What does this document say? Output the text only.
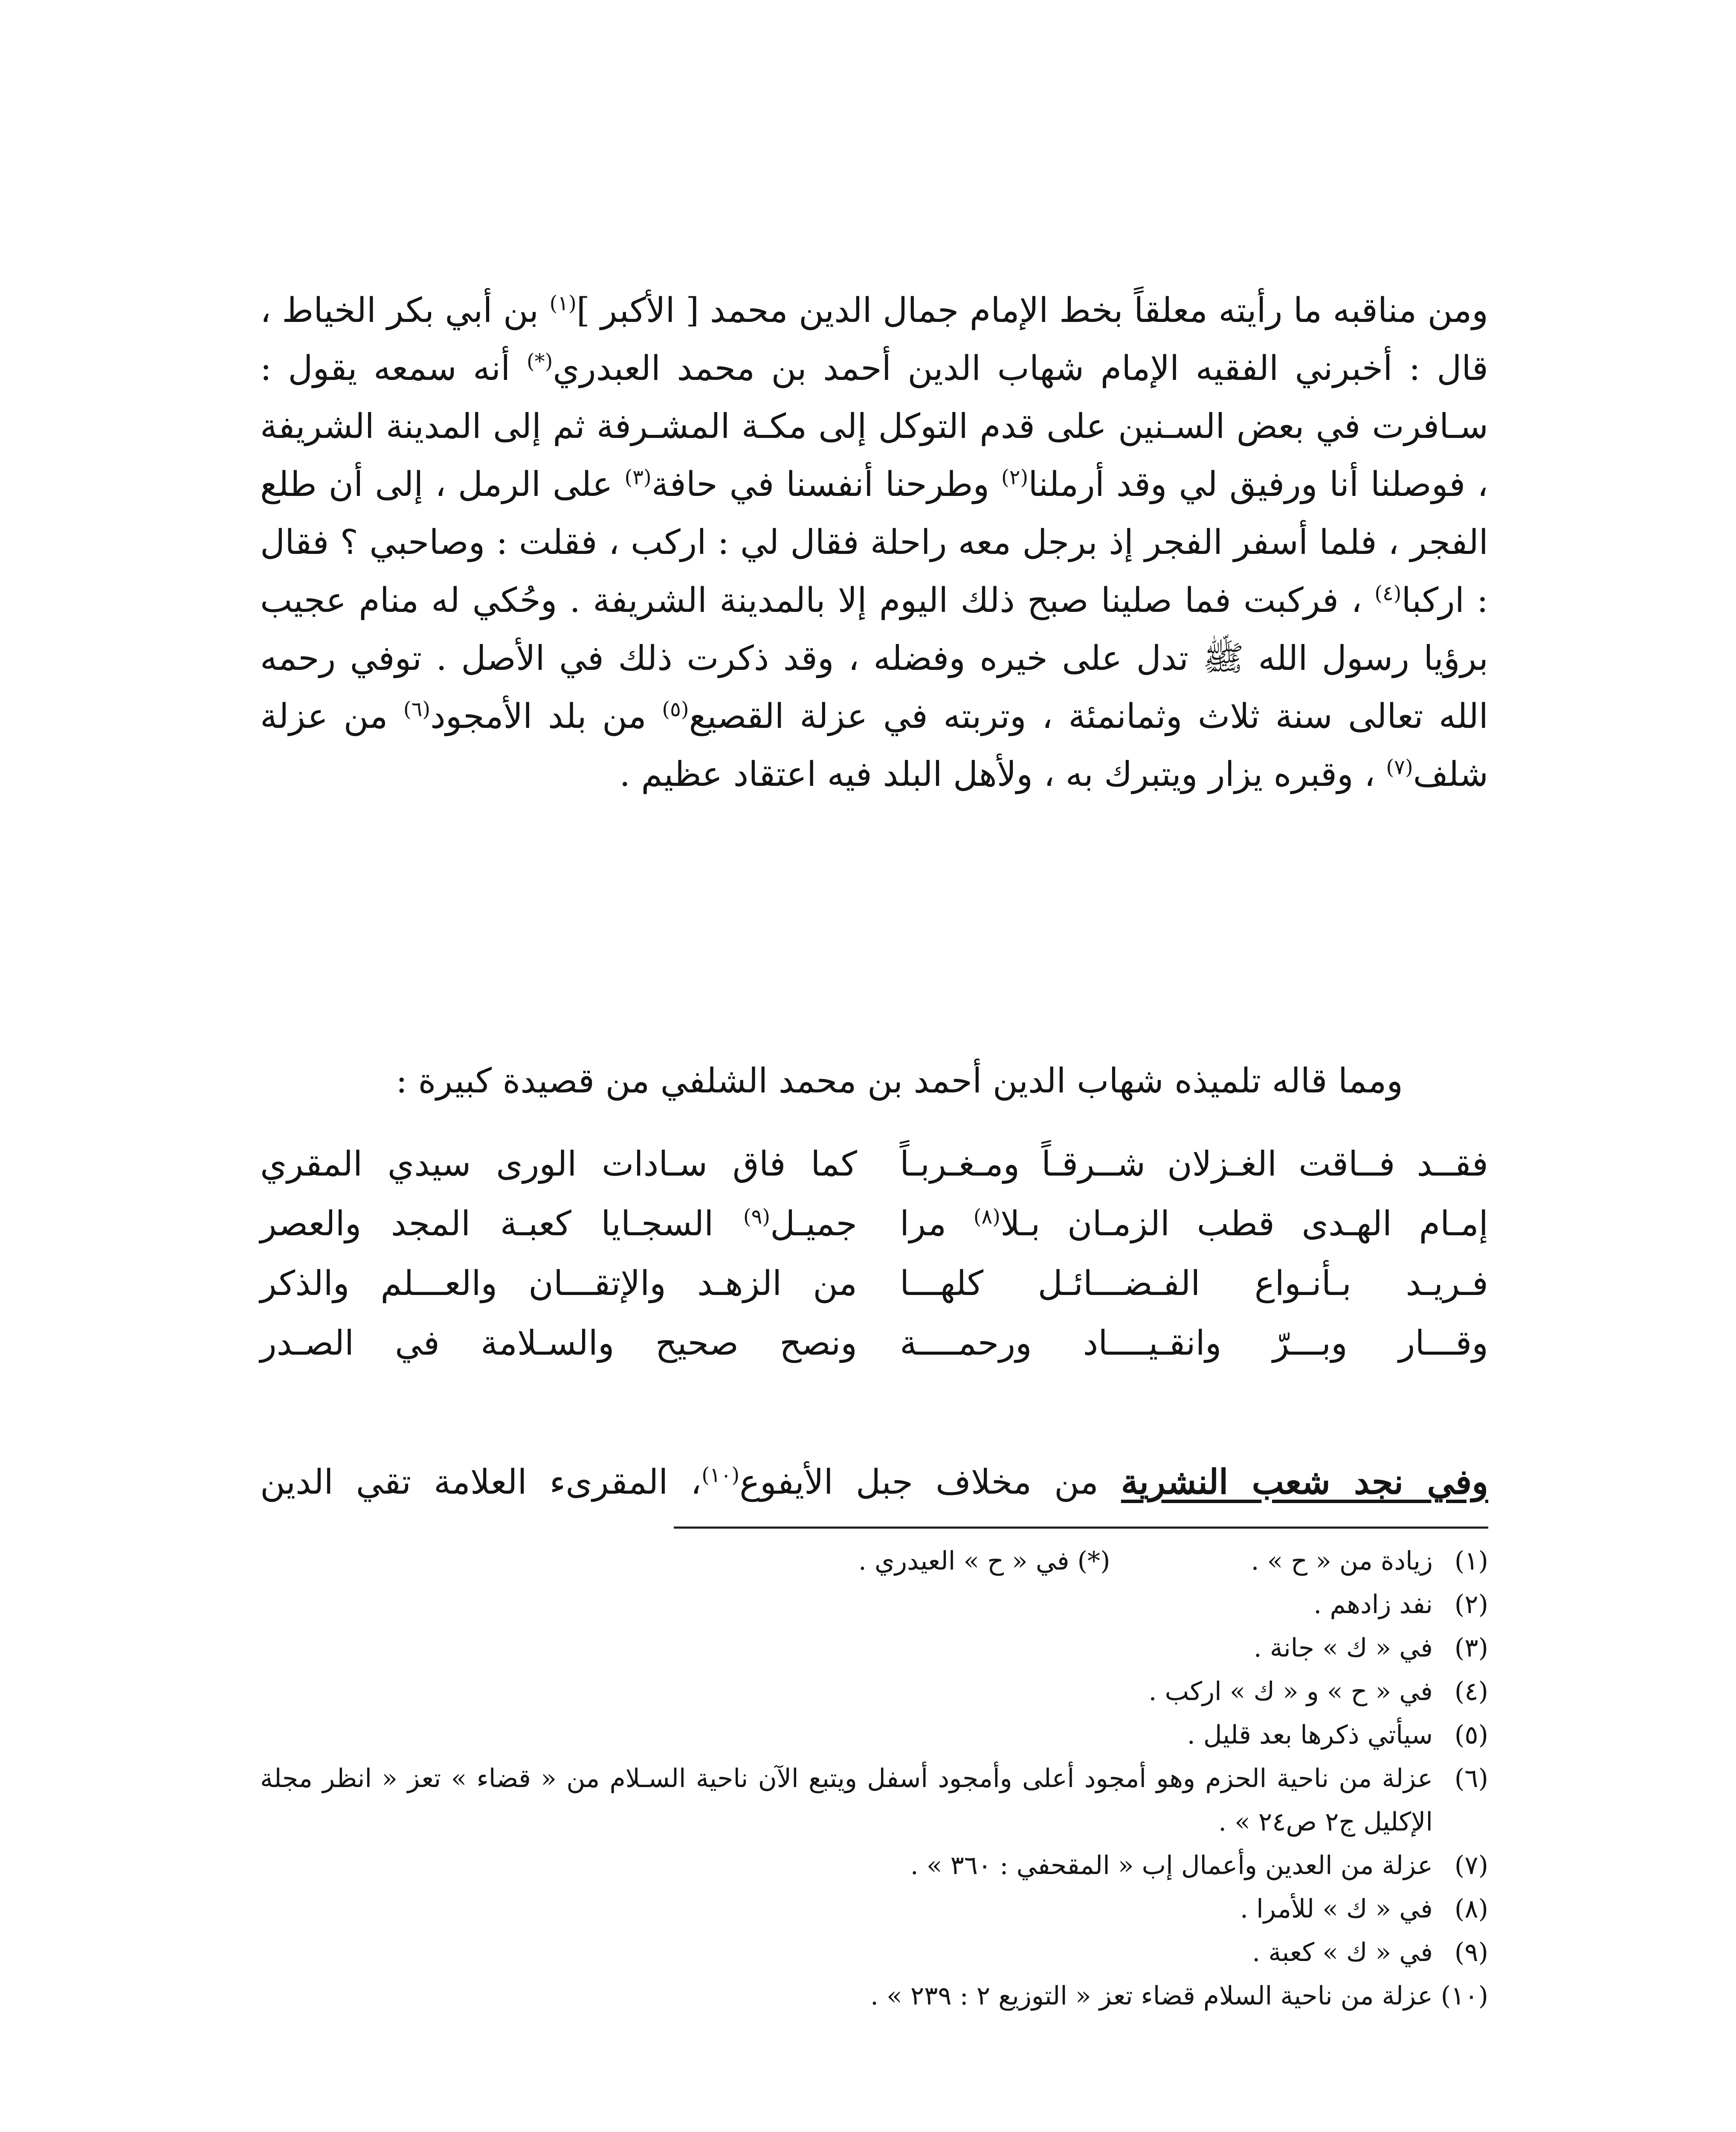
ومن مناقبه ما رأيته معلقاً بخط الإمام جمال الدين محمد [ الأكبر ]$^{(١)}$ بن أبي بكر الخياط ، قال : أخبرني الفقيه الإمام شهاب الدين أحمد بن محمد العبدري(*) أنه سمعه يقول : سـافرت في بعض السـنين على قدم التوكل إلى مكـة المشـرفة ثم إلى المدينة الشريفة ، فوصلنا أنا ورفيق لي وقد أرملنا$^{(٢)}$ وطرحنا أنفسنا في حافة$^{(٣)}$ على الرمل ، إلى أن طلع الفجر ، فلما أسفر الفجر إذ برجل معه راحلة فقال لي : اركب ، فقلت : وصاحبي ؟ فقال : اركبا$^{(٤)}$ ، فركبت فما صلينا صبح ذلك اليوم إلا بالمدينة الشريفة . وحُكي له منام عجيب برؤيا رسول الله ﷺ تدل على خيره وفضله ، وقد ذكرت ذلك في الأصل . توفي رحمه الله تعالى سنة ثلاث وثمانمئة ، وتربته في عزلة القصيع$^{(٥)}$ من بلد الأمجود$^{(٦)}$ من عزلة شلف$^{(٧)}$ ، وقبره يزار ويتبرك به ، ولأهل البلد فيه اعتقاد عظيم .

ومما قاله تلميذه شهاب الدين أحمد بن محمد الشلفي من قصيدة كبيرة :

فقــد فــاقت الغـزلان شــرقـاً ومـغـربـاً
كما فاق سـادات الورى سيدي المقري
إمـام الهـدى قطب الزمـان بـلا$^{(٨)}$ مرا
جميـل$^{(٩)}$ السجـايا كعبـة المجد والعصر
فـريـد بـأنـواع الفـضـــائـل كلهـــا
من الزهـد والإتقـــان والعـــلم والذكر
وقـــار وبـــرّ وانقـيــــاد ورحمــــة
ونصح صحيح والسـلامة في الصـدر

وفي نجد شعب النشرية من مخلاف جبل الأيفوع$^{(١٠)}$، المقرىء العلامة تقي الدين

(١)
زيادة من « ح » .(*) في « ح » العيدري .
(٢)
نفد زادهم .
(٣)
في « ك » جانة .
(٤)
في « ح » و « ك » اركب .
(٥)
سيأتي ذكرها بعد قليل .
(٦)
عزلة من ناحية الحزم وهو أمجود أعلى وأمجود أسفل ويتبع الآن ناحية السـلام من « قضاء » تعز « انظر مجلة الإكليل ج٢ ص٢٤ » .
(٧)
عزلة من العدين وأعمال إب « المقحفي : ٣٦٠ » .
(٨)
في « ك » للأمرا .
(٩)
في « ك » كعبة .
(١٠)
عزلة من ناحية السلام قضاء تعز « التوزيع ٢ : ٢٣٩ » .
